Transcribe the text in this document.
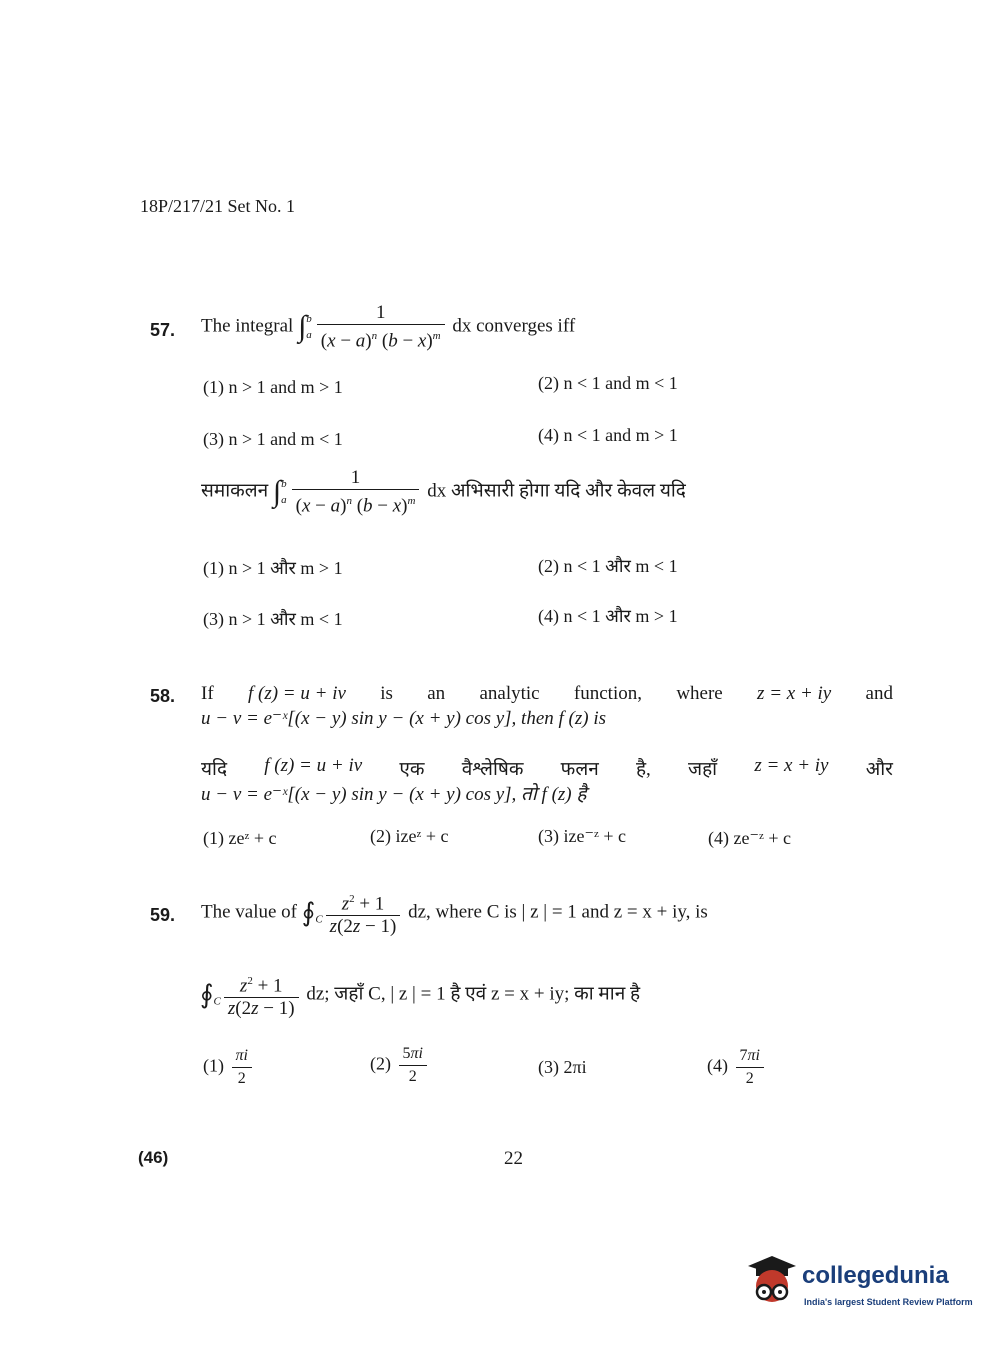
18P/217/21 Set No. 1
57. The integral ∫b
a $\frac{1}{(x - a)^n (b - x)^m}$ dx converges iff
(1) n > 1 and m > 1	(2) n < 1 and m < 1
(3) n > 1 and m < 1	(4) n < 1 and m > 1
समाकलन ∫b
a $\frac{1}{(x - a)^n (b - x)^m}$ dx अभिसारी होगा यदि और केवल यदि
(1) n > 1 और m > 1	(2) n < 1 और m < 1
(3) n > 1 और m < 1	(4) n < 1 और m > 1
58. If f (z) = u + iv is an analytic function, where z = x + iy and
u − v = e⁻ˣ[(x − y) sin y − (x + y) cos y], then f (z) is
यदि f (z) = u + iv एक वैश्लेषिक फलन है, जहाँ z = x + iy और
u − v = e⁻ˣ[(x − y) sin y − (x + y) cos y], तो f (z) है
(1) zeᶻ + c	(2) izeᶻ + c	(3) ize⁻ᶻ + c	(4) ze⁻ᶻ + c
59. The value of $∮_C \frac{z^2 + 1}{z(2z - 1)}$ dz, where C is | z | = 1 and z = x + iy, is
$∮_C \frac{z^2 + 1}{z(2z - 1)}$ dz; जहाँ C, | z | = 1 है एवं z = x + iy; का मान है
$(1) \frac{\pi i}{2}$	$(2) \frac{5\pi i}{2}$	(3) 2πi	$(4) \frac{7\pi i}{2}$
(46)	22
collegedunia
India's largest Student Review Platform
